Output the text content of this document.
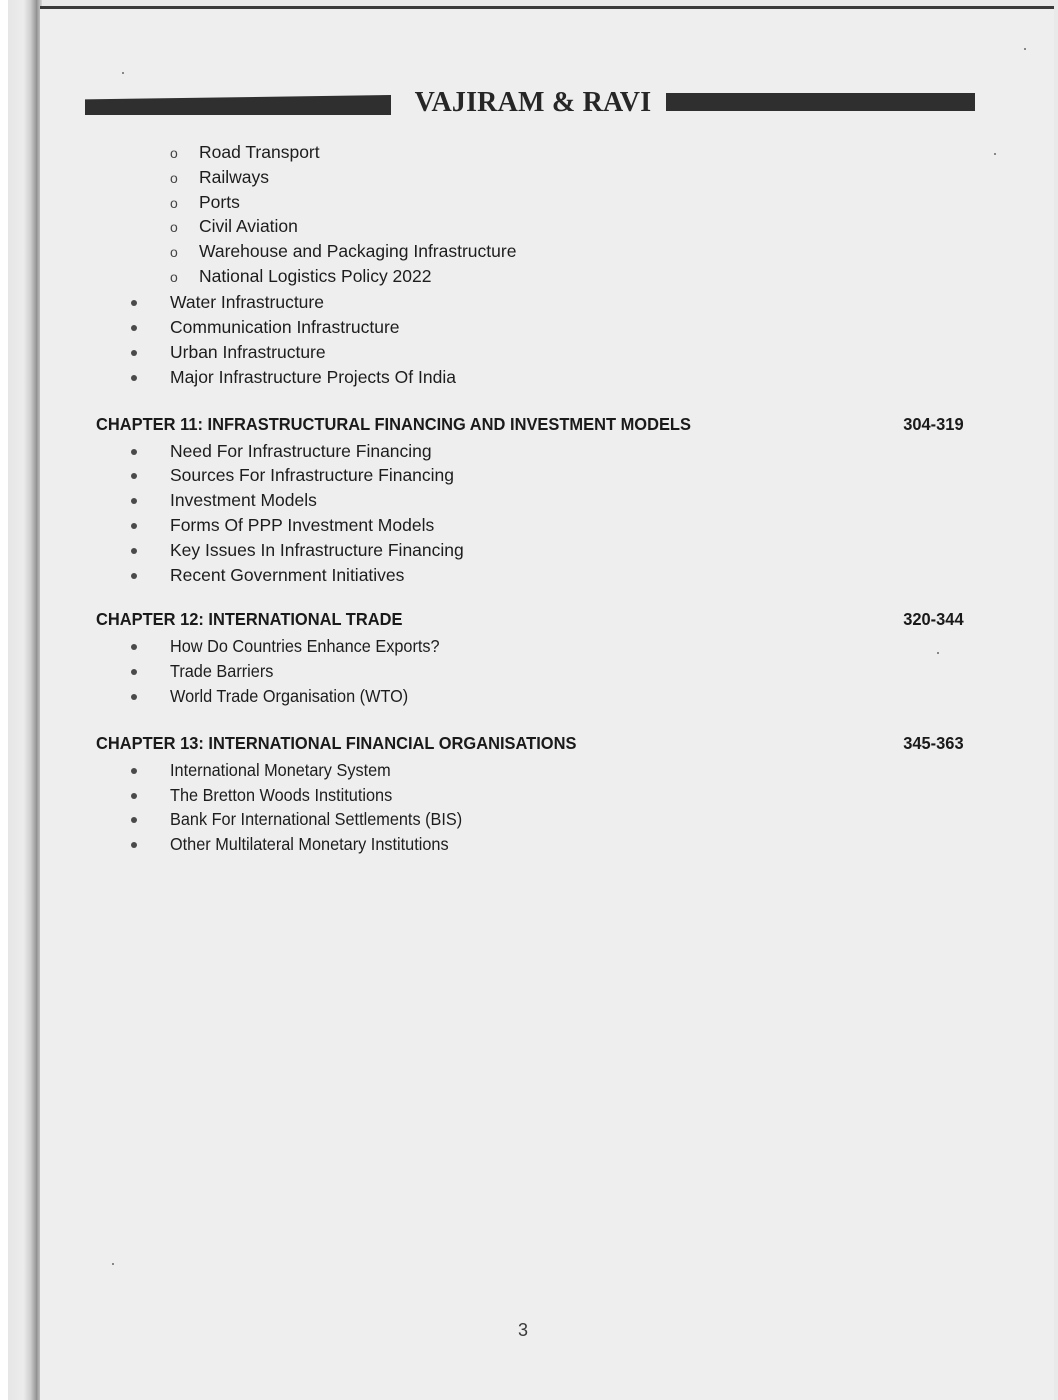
VAJIRAM & RAVI
o Road Transport
o Railways
o Ports
o Civil Aviation
o Warehouse and Packaging Infrastructure
o National Logistics Policy 2022
Water Infrastructure
Communication Infrastructure
Urban Infrastructure
Major Infrastructure Projects Of India
CHAPTER 11: INFRASTRUCTURAL FINANCING AND INVESTMENT MODELS	304-319
Need For Infrastructure Financing
Sources For Infrastructure Financing
Investment Models
Forms Of PPP Investment Models
Key Issues In Infrastructure Financing
Recent Government Initiatives
CHAPTER 12: INTERNATIONAL TRADE	320-344
How Do Countries Enhance Exports?
Trade Barriers
World Trade Organisation (WTO)
CHAPTER 13: INTERNATIONAL FINANCIAL ORGANISATIONS	345-363
International Monetary System
The Bretton Woods Institutions
Bank For International Settlements (BIS)
Other Multilateral Monetary Institutions
3
